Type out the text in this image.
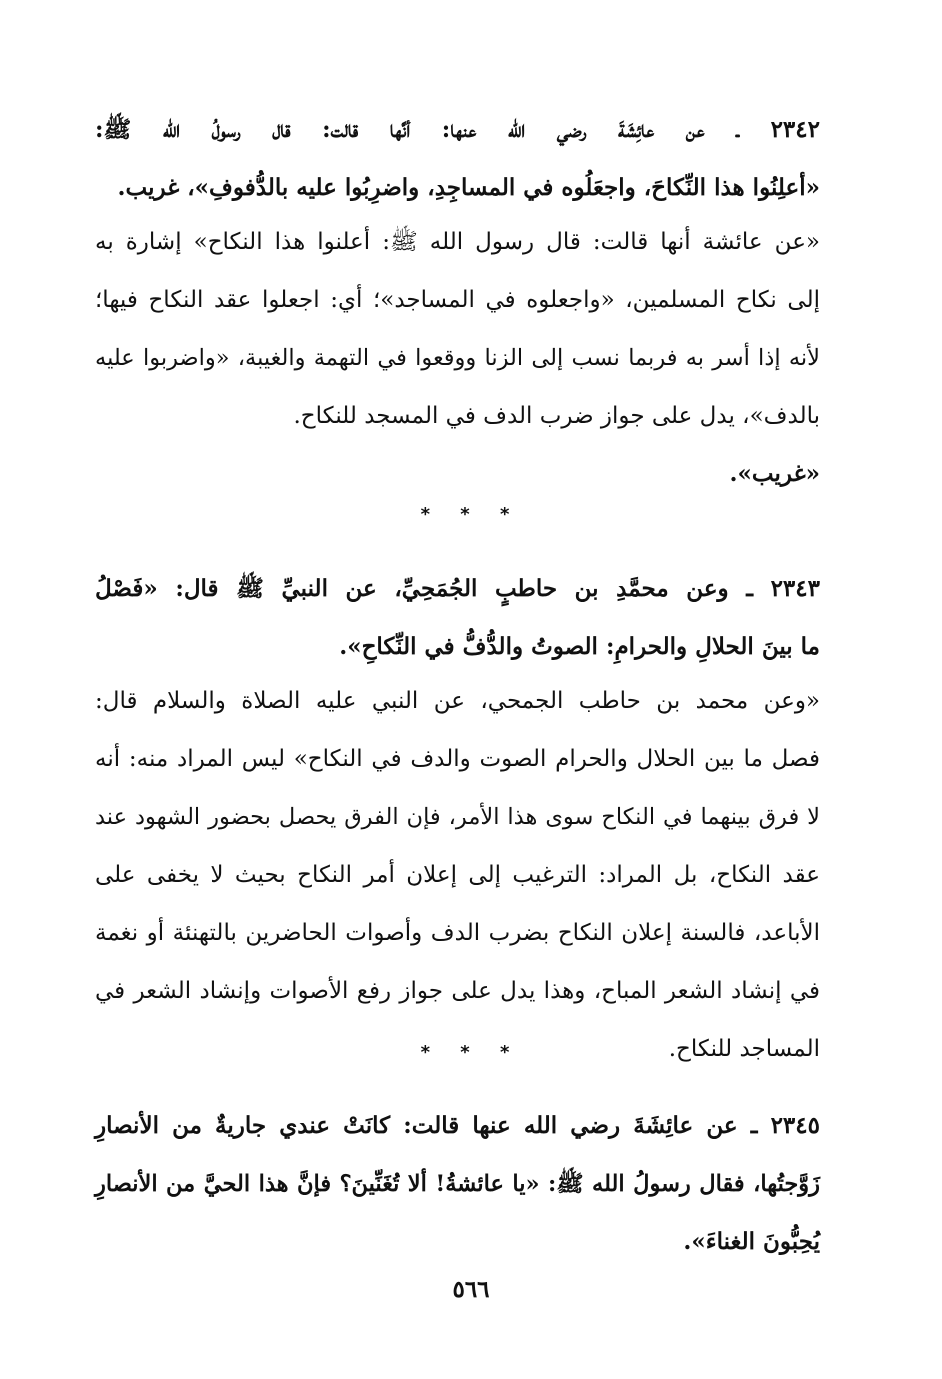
٢٣٤٢ ـ عن عائِشَةَ رضي الله عنها: أنَّها قالت: قال رسولُ الله ﷺ:
«أعلِنُوا هذا النِّكاحَ، واجعَلُوه في المساجِدِ، واضرِبُوا عليه بالدُّفوفِ»، غريب.
«عن عائشة أنها قالت: قال رسول الله ﷺ: أعلنوا هذا النكاح» إشارة به
إلى نكاح المسلمين، «واجعلوه في المساجد»؛ أي: اجعلوا عقد النكاح فيها؛
لأنه إذا أسر به فربما نسب إلى الزنا ووقعوا في التهمة والغيبة، «واضربوا عليه
بالدف»، يدل على جواز ضرب الدف في المسجد للنكاح.
«غريب».
* * *
٢٣٤٣ ـ وعن محمَّدِ بن حاطبٍ الجُمَحِيِّ، عن النبيِّ ﷺ قال: «فَصْلُ
ما بينَ الحلالِ والحرامِ: الصوتُ والدُّفُّ في النِّكاحِ».
«وعن محمد بن حاطب الجمحي، عن النبي عليه الصلاة والسلام قال:
فصل ما بين الحلال والحرام الصوت والدف في النكاح» ليس المراد منه: أنه
لا فرق بينهما في النكاح سوى هذا الأمر، فإن الفرق يحصل بحضور الشهود عند
عقد النكاح، بل المراد: الترغيب إلى إعلان أمر النكاح بحيث لا يخفى على
الأباعد، فالسنة إعلان النكاح بضرب الدف وأصوات الحاضرين بالتهنئة أو نغمة
في إنشاد الشعر المباح، وهذا يدل على جواز رفع الأصوات وإنشاد الشعر في
المساجد للنكاح.
* * *
٢٣٤٥ ـ عن عائِشَةَ رضي الله عنها قالت: كانَتْ عندي جاريةٌ من الأنصارِ
زَوَّجتُها، فقال رسولُ الله ﷺ: «يا عائشةُ! ألا تُغَنِّينَ؟ فإنَّ هذا الحيَّ من الأنصارِ
يُحِبُّونَ الغناءَ».
٥٦٦
